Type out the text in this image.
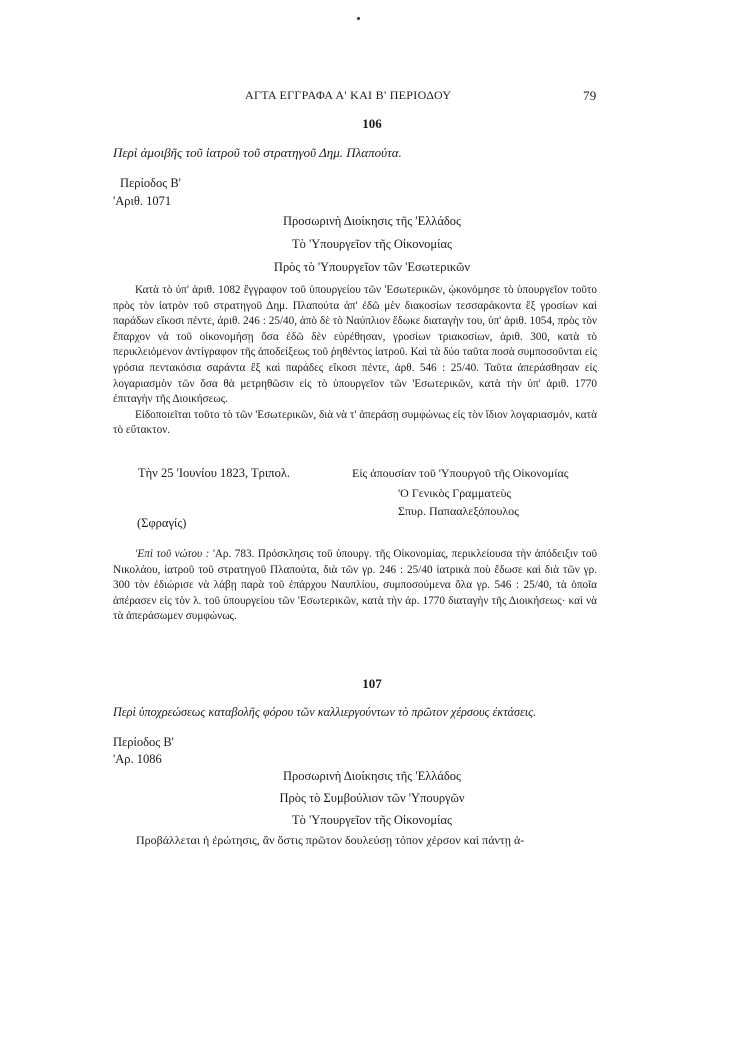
ΑΓΤΑ ΕΓΓΡΑΦΑ Α' ΚΑΙ Β' ΠΕΡΙΟΔΟΥ	79
106
Περὶ ἀμοιβῆς τοῦ ἰατροῦ τοῦ στρατηγοῦ Δημ. Πλαπούτα.
Περίοδος Β'
'Αριθ. 1071
Προσωρινὴ Διοίκησις τῆς 'Ελλάδος
Τὸ 'Υπουργεῖον τῆς Οἰκονομίας
Πρὸς τὸ 'Υπουργεῖον τῶν 'Εσωτερικῶν

Κατὰ τὸ ὑπ' ἀριθ. 1082 ἔγγραφον τοῦ ὑπουργείου τῶν 'Εσωτερικῶν, ᾠκονόμησε τὸ ὑπουργεῖον τοῦτο πρὸς τὸν ἰατρὸν τοῦ στρατηγοῦ Δημ. Πλαπούτα ἀπ' ἐδῶ μὲν διακοσίων τεσσαράκοντα ἓξ γροσίων καὶ παράδων εἴκοσι πέντε, ἀριθ. 246 : 25/40, ἀπὸ δὲ τὸ Ναύπλιον ἔδωκε διαταγὴν του, ὑπ' ἀριθ. 1054, πρὸς τὸν ἔπαρχον νὰ τοῦ οἰκονομήσῃ ὅσα ἐδῶ δὲν εὑρέθησαν, γροσίων τριακοσίων, ἀριθ. 300, κατὰ τὸ περικλειόμενον ἀντίγραφον τῆς ἀποδείξεως τοῦ ῥηθέντος ἰατροῦ. Καὶ τὰ δύο ταῦτα ποσὰ συμποσοῦνται εἰς γρόσια πεντακόσια σαράντα ἓξ καὶ παράδες εἴκοσι πέντε, ἀρθ. 546 : 25/40. Ταῦτα ἀπεράσθησαν εἰς λογαριασμὸν τῶν ὅσα θὰ μετρηθῶσιν εἰς τὸ ὑπουργεῖον τῶν 'Εσωτερικῶν, κατὰ τὴν ὑπ' ἀριθ. 1770 ἐπιταγὴν τῆς Διοικήσεως.

Εἰδοποιεῖται τοῦτο τὸ τῶν 'Εσωτερικῶν, διὰ νὰ τ' ἀπεράσῃ συμφώνως εἰς τὸν ἴδιον λογαριασμόν, κατὰ τὸ εὔτακτον.

Τὴν 25 'Ιουνίου 1823, Τριπολ.	Εἰς ἀπουσίαν τοῦ 'Υπουργοῦ τῆς Οἰκονομίας
'Ο Γενικὸς Γραμματεὺς
Σπυρ. Παπααλεξόπουλος
(Σφραγίς)

'Επὶ τοῦ νώτου : 'Αρ. 783. Πρόσκλησις τοῦ ὑπουργ. τῆς Οἰκονομίας, περικλείουσα τὴν ἀπόδειξιν τοῦ Νικολάου, ἰατροῦ τοῦ στρατηγοῦ Πλαπούτα, διὰ τῶν γρ. 246 : 25/40 ἰατρικὰ ποὺ ἔδωσε καὶ διὰ τῶν γρ. 300 τὸν ἐδιώρισε νὰ λάβῃ παρὰ τοῦ ἐπάρχου Ναυπλίου, συμποσούμενα ὅλα γρ. 546 : 25/40, τὰ ὁποῖα ἀπέρασεν εἰς τὸν λ. τοῦ ὑπουργείου τῶν 'Εσωτερικῶν, κατὰ τὴν ἀρ. 1770 διαταγὴν τῆς Διοικήσεως· καὶ νὰ τὰ ἀπεράσωμεν συμφώνως.

107
Περὶ ὑποχρεώσεως καταβολῆς φόρου τῶν καλλιεργούντων τὸ πρῶτον χέρσους ἐκτάσεις.
Περίοδος Β'
'Αρ. 1086
Προσωρινὴ Διοίκησις τῆς 'Ελλάδος
Πρὸς τὸ Συμβούλιον τῶν 'Υπουργῶν
Τὸ 'Υπουργεῖον τῆς Οἰκονομίας
Προβάλλεται ἡ ἐρώτησις, ἂν ὅστις πρῶτον δουλεύσῃ τόπον χέρσον καὶ πάντῃ ἀ-
